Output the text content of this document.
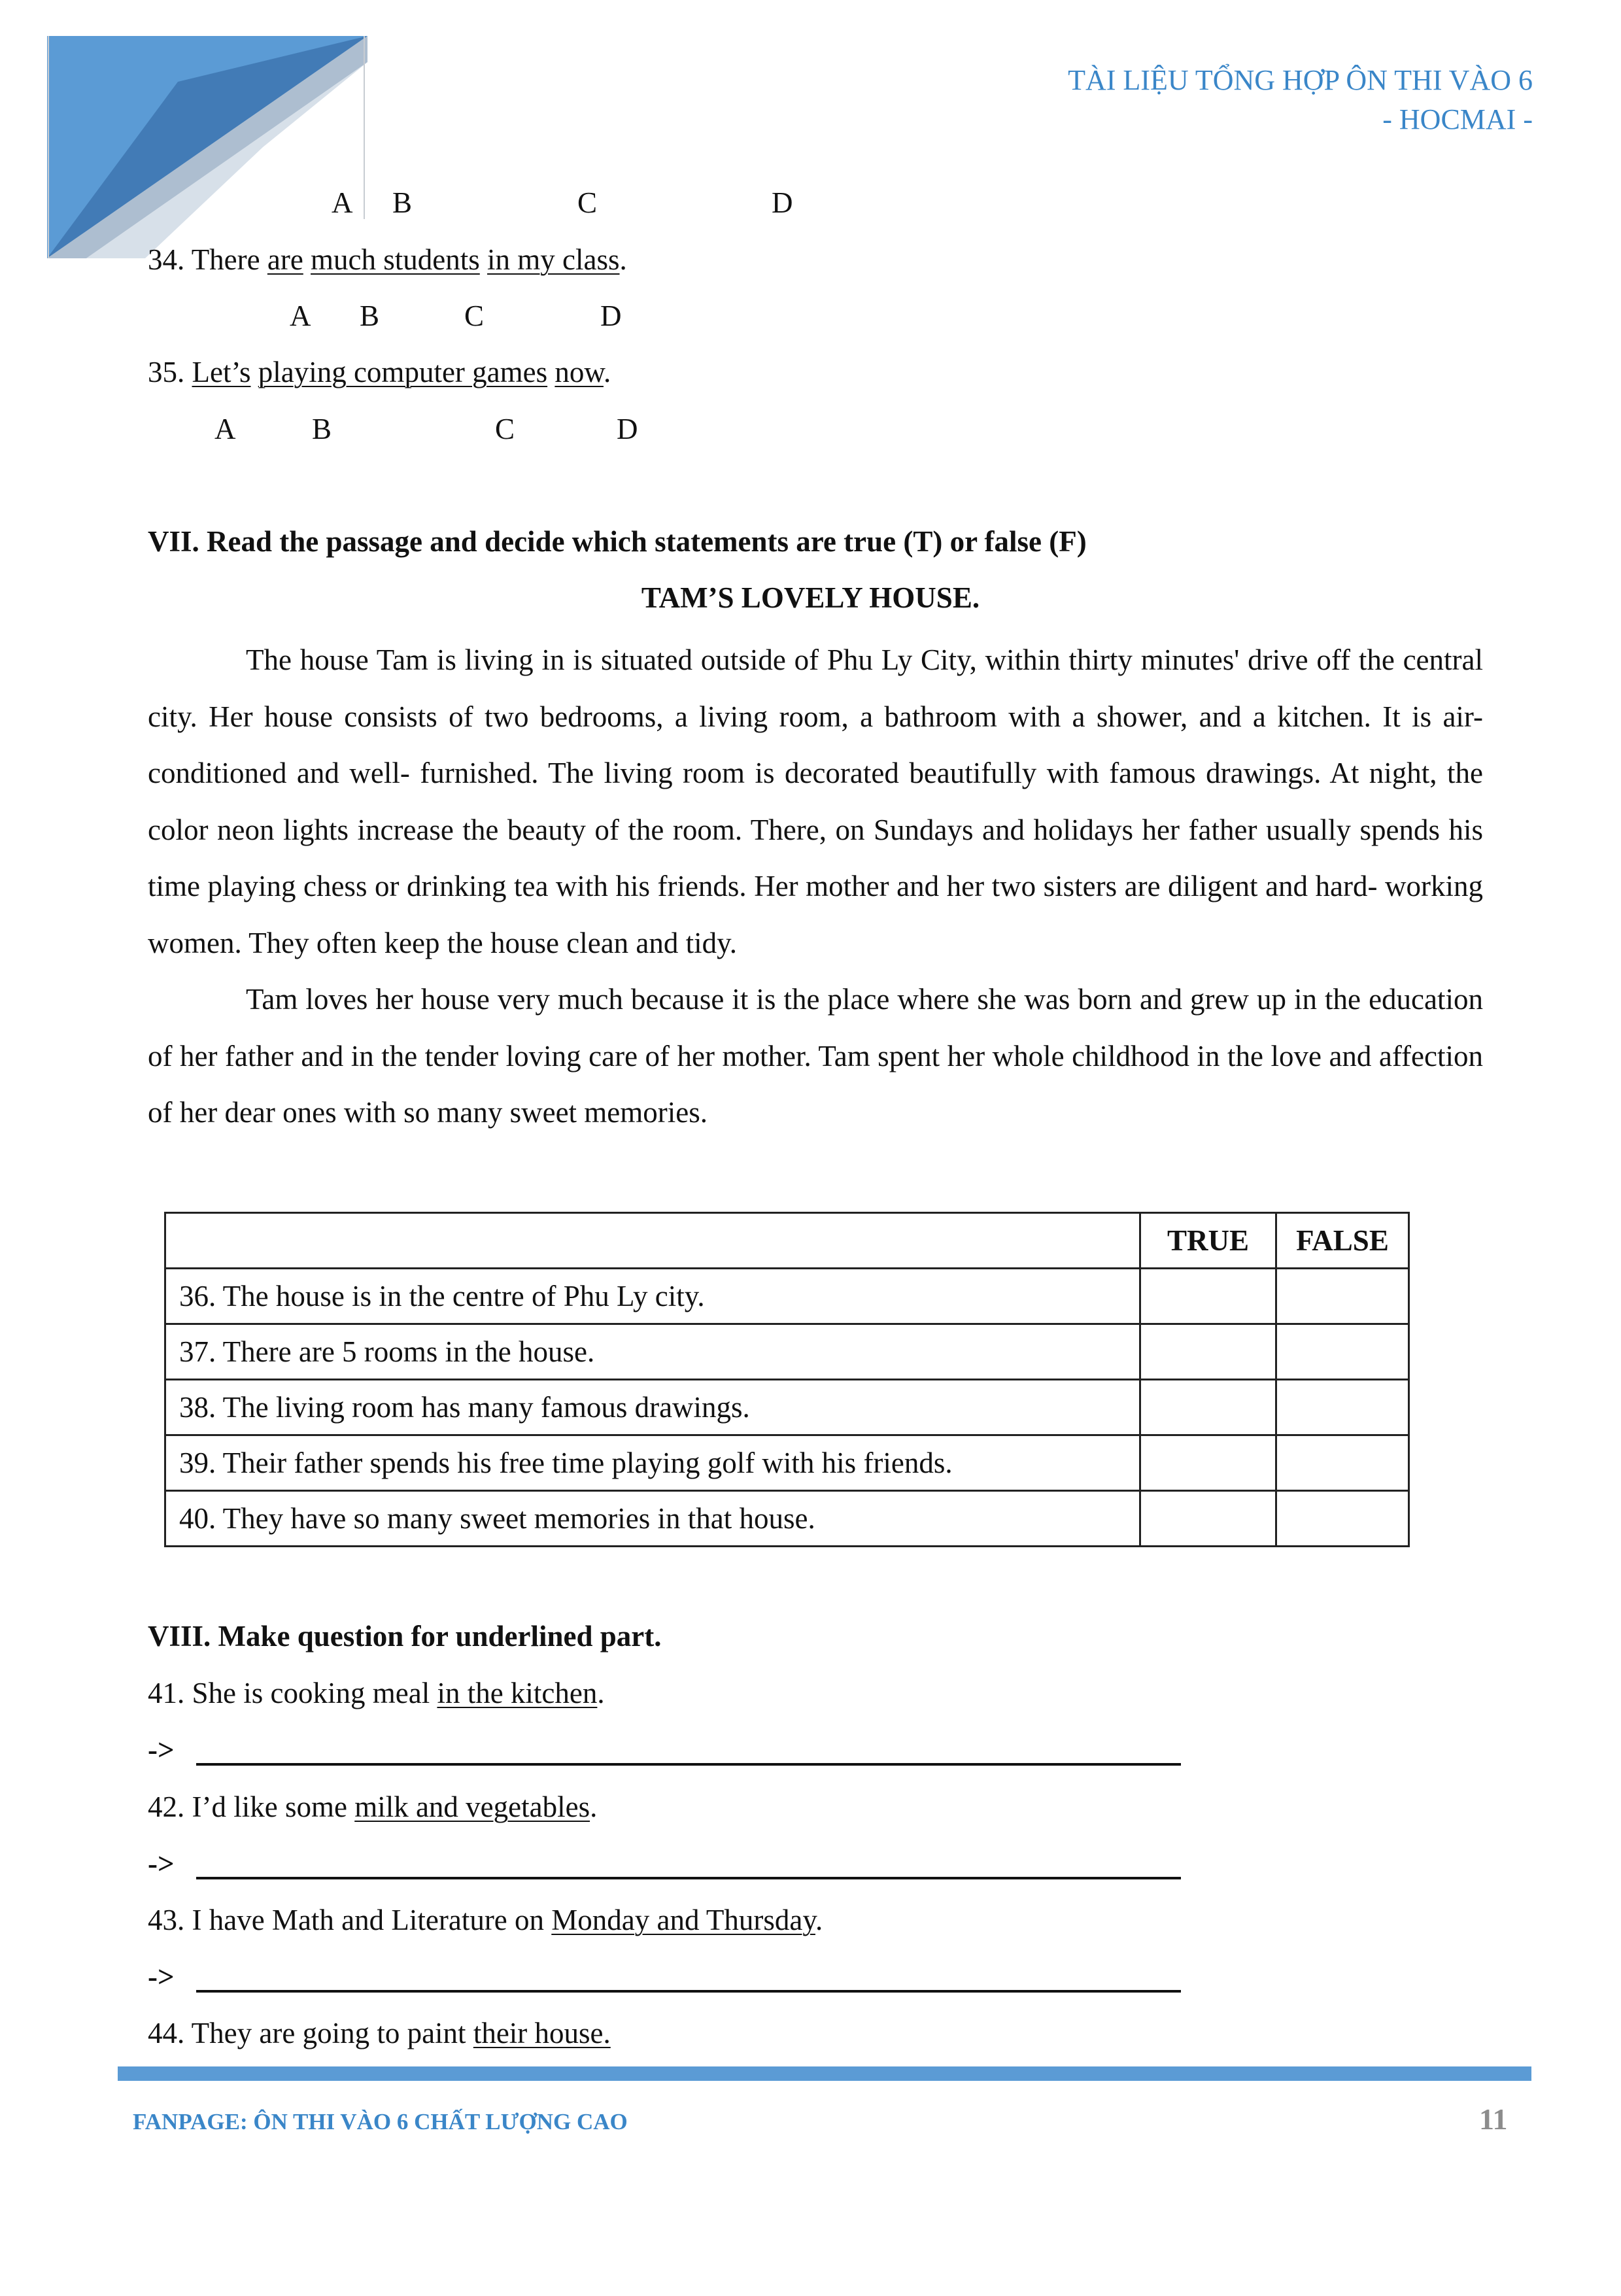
TÀI LIỆU TỔNG HỢP ÔN THI VÀO 6
- HOCMAI -
A B	C	D
34. There are much students in my class.
A B	C	D
35. Let’s playing computer games now.
A	B	C	D
VII. Read the passage and decide which statements are true (T) or false (F)
TAM’S LOVELY HOUSE.
The house Tam is living in is situated outside of Phu Ly City, within thirty minutes' drive off the central city. Her house consists of two bedrooms, a living room, a bathroom with a shower, and a kitchen. It is air- conditioned and well- furnished. The living room is decorated beautifully with famous drawings. At night, the color neon lights increase the beauty of the room. There, on Sundays and holidays her father usually spends his time playing chess or drinking tea with his friends. Her mother and her two sisters are diligent and hard- working women. They often keep the house clean and tidy.
Tam loves her house very much because it is the place where she was born and grew up in the education of her father and in the tender loving care of her mother. Tam spent her whole childhood in the love and affection of her dear ones with so many sweet memories.
	TRUE	FALSE
36. The house is in the centre of Phu Ly city.		
37. There are 5 rooms in the house.		
38. The living room has many famous drawings.		
39. Their father spends his free time playing golf with his friends.		
40. They have so many sweet memories in that house.		
VIII. Make question for underlined part.
41. She is cooking meal in the kitchen.
->
42. I’d like some milk and vegetables.
->
43. I have Math and Literature on Monday and Thursday.
->
44. They are going to paint their house.
FANPAGE: ÔN THI VÀO 6 CHẤT LƯỢNG CAO	11
